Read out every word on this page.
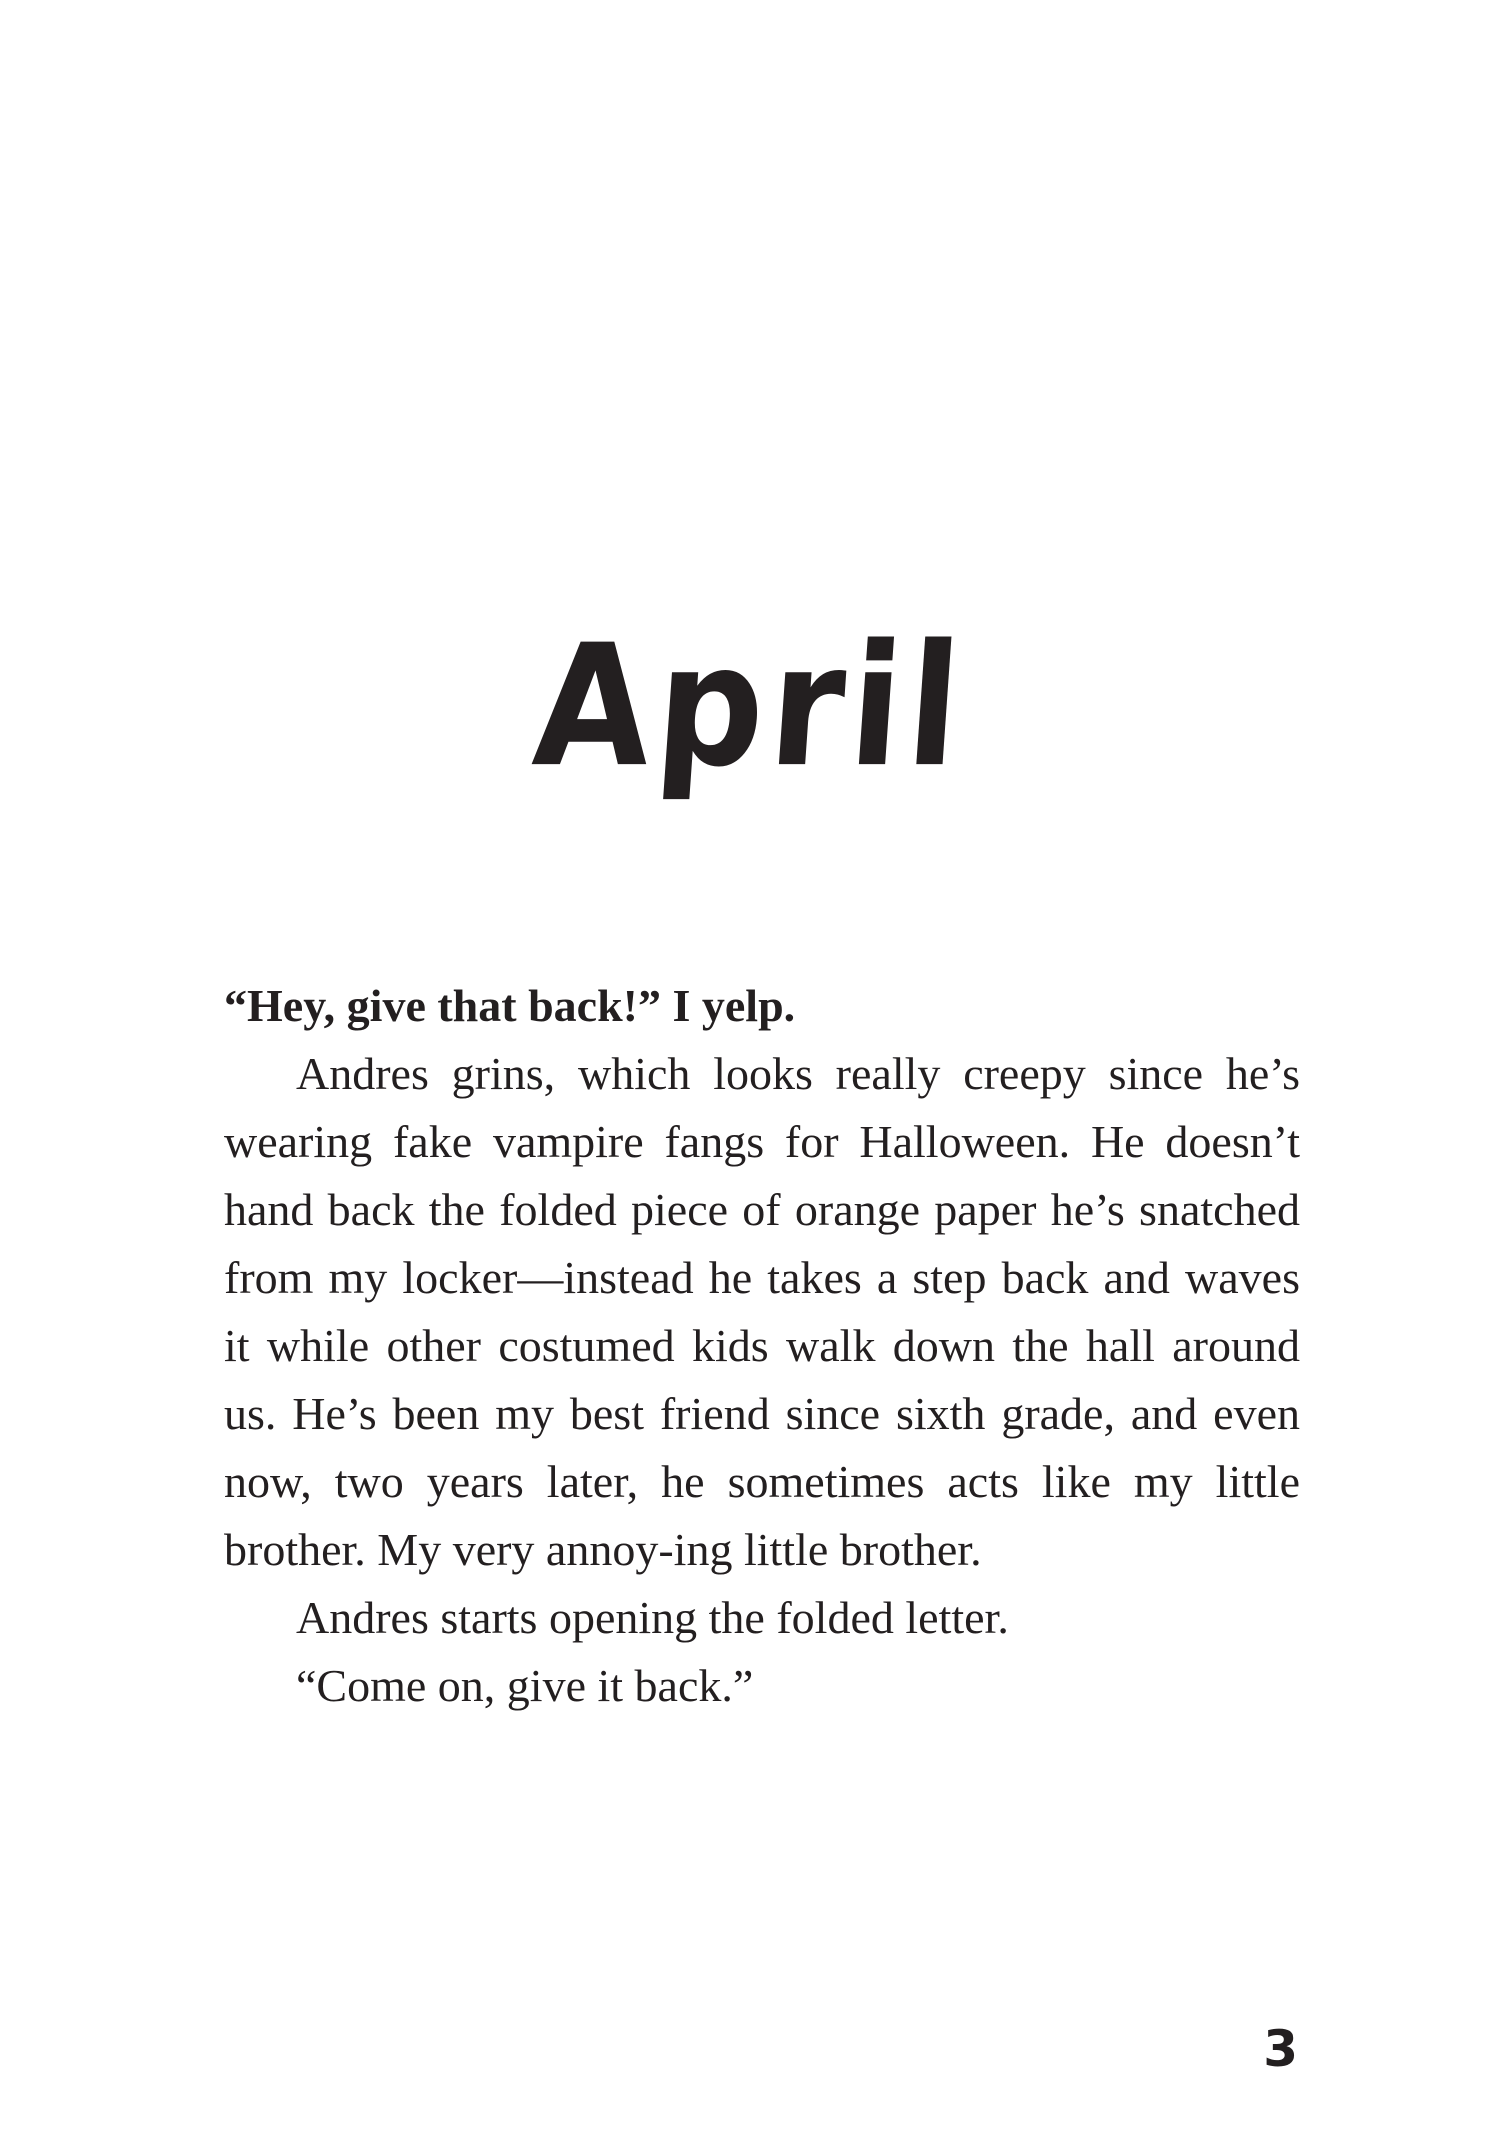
April

“Hey, give that back!” I yelp.

Andres grins, which looks really creepy since he’s wearing fake vampire fangs for Halloween. He doesn’t hand back the folded piece of orange paper he’s snatched from my locker—instead he takes a step back and waves it while other costumed kids walk down the hall around us. He’s been my best friend since sixth grade, and even now, two years later, he sometimes acts like my little brother. My very annoy-ing little brother.

Andres starts opening the folded letter.

“Come on, give it back.”

3
